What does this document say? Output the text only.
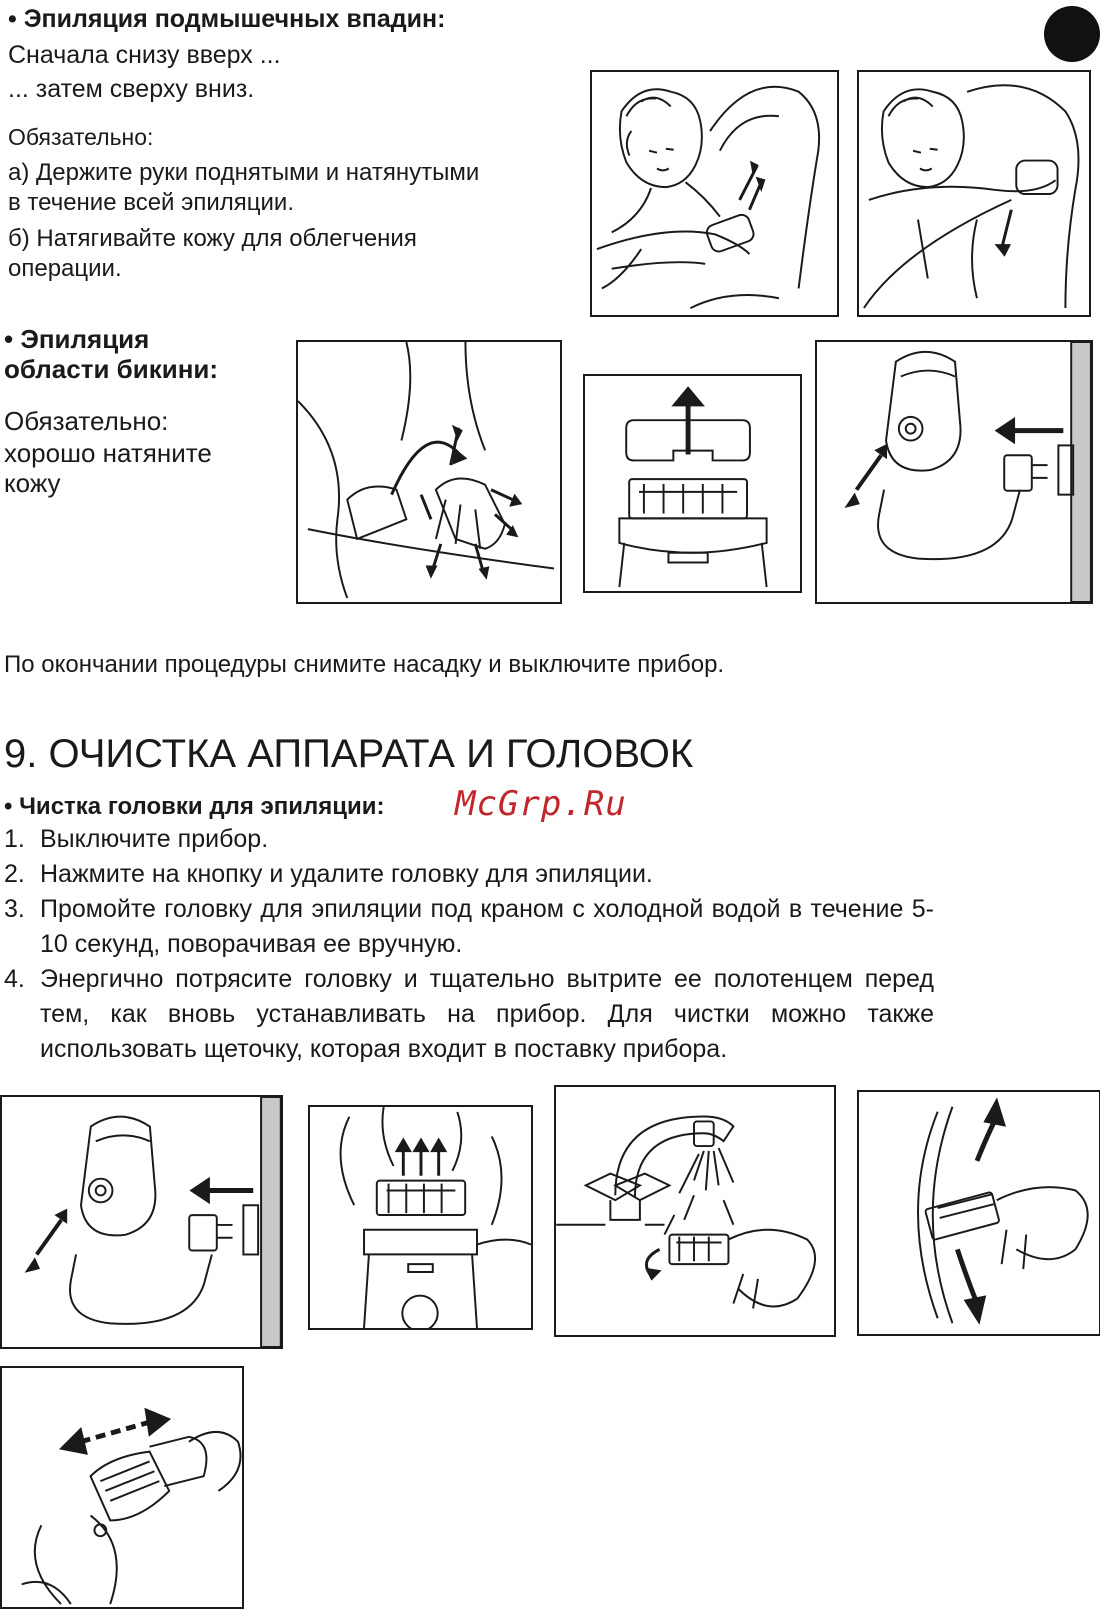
• Эпиляция подмышечных впадин:
Сначала снизу вверх ...
... затем сверху вниз.
Обязательно:
а) Держите руки поднятыми и натянутыми
в течение всей эпиляции.
б) Натягивайте кожу для облегчения
операции.
• Эпиляция
области бикини:
Обязательно:
хорошо натяните
кожу
По окончании процедуры снимите насадку и выключите прибор.
9. ОЧИСТКА АППАРАТА И ГОЛОВОК
• Чистка головки для эпиляции: McGrp.Ru
1. Выключите прибор.
2. Нажмите на кнопку и удалите головку для эпиляции.
3. Промойте головку для эпиляции под краном с холодной водой в течение 5-10 секунд, поворачивая ее вручную.
4. Энергично потрясите головку и тщательно вытрите ее полотенцем перед тем, как вновь устанавливать на прибор. Для чистки можно также использовать щеточку, которая входит в поставку прибора.
